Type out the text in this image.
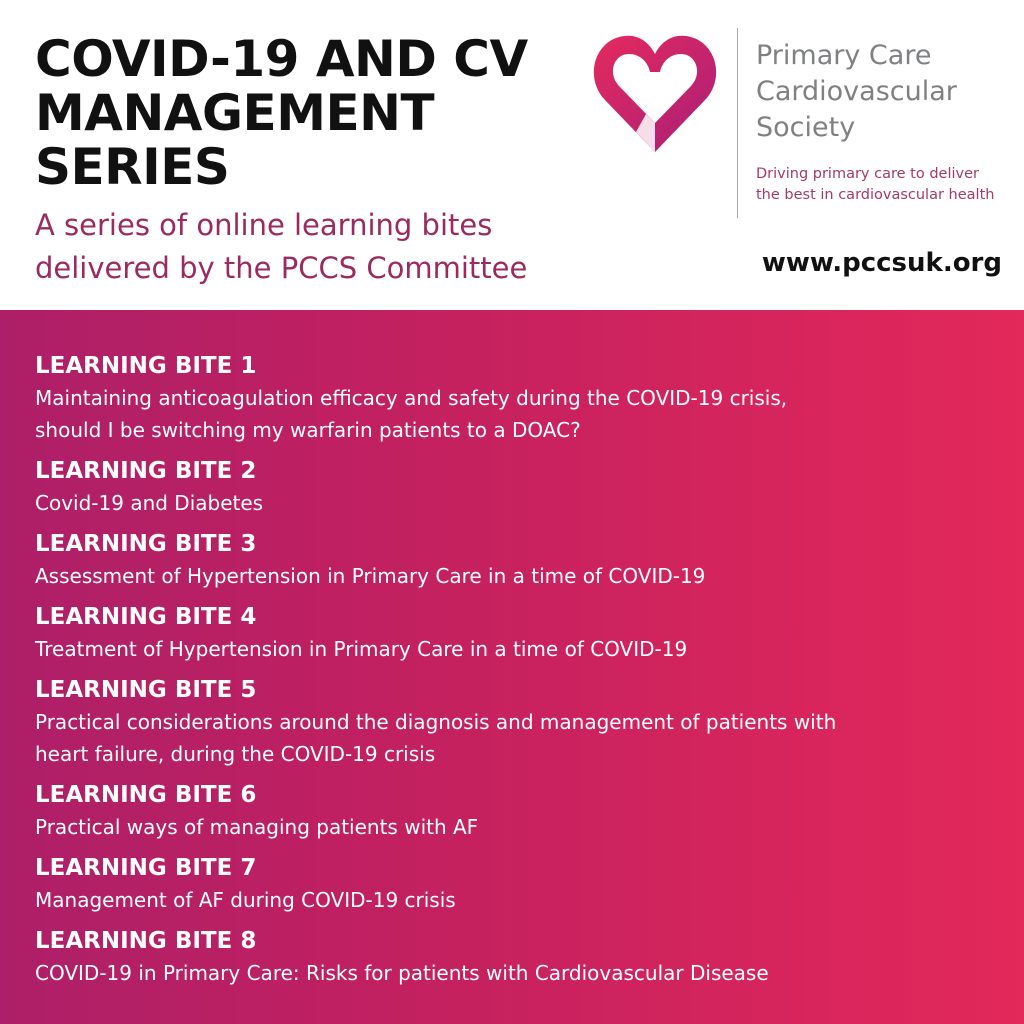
COVID-19 AND CV
MANAGEMENT
SERIES
A series of online learning bites
delivered by the PCCS Committee
Primary Care
Cardiovascular
Society
Driving primary care to deliver
the best in cardiovascular health
www.pccsuk.org
LEARNING BITE 1
Maintaining anticoagulation efficacy and safety during the COVID-19 crisis,
should I be switching my warfarin patients to a DOAC?
LEARNING BITE 2
Covid-19 and Diabetes
LEARNING BITE 3
Assessment of Hypertension in Primary Care in a time of COVID-19
LEARNING BITE 4
Treatment of Hypertension in Primary Care in a time of COVID-19
LEARNING BITE 5
Practical considerations around the diagnosis and management of patients with
heart failure, during the COVID-19 crisis
LEARNING BITE 6
Practical ways of managing patients with AF
LEARNING BITE 7
Management of AF during COVID-19 crisis
LEARNING BITE 8
COVID-19 in Primary Care: Risks for patients with Cardiovascular Disease
